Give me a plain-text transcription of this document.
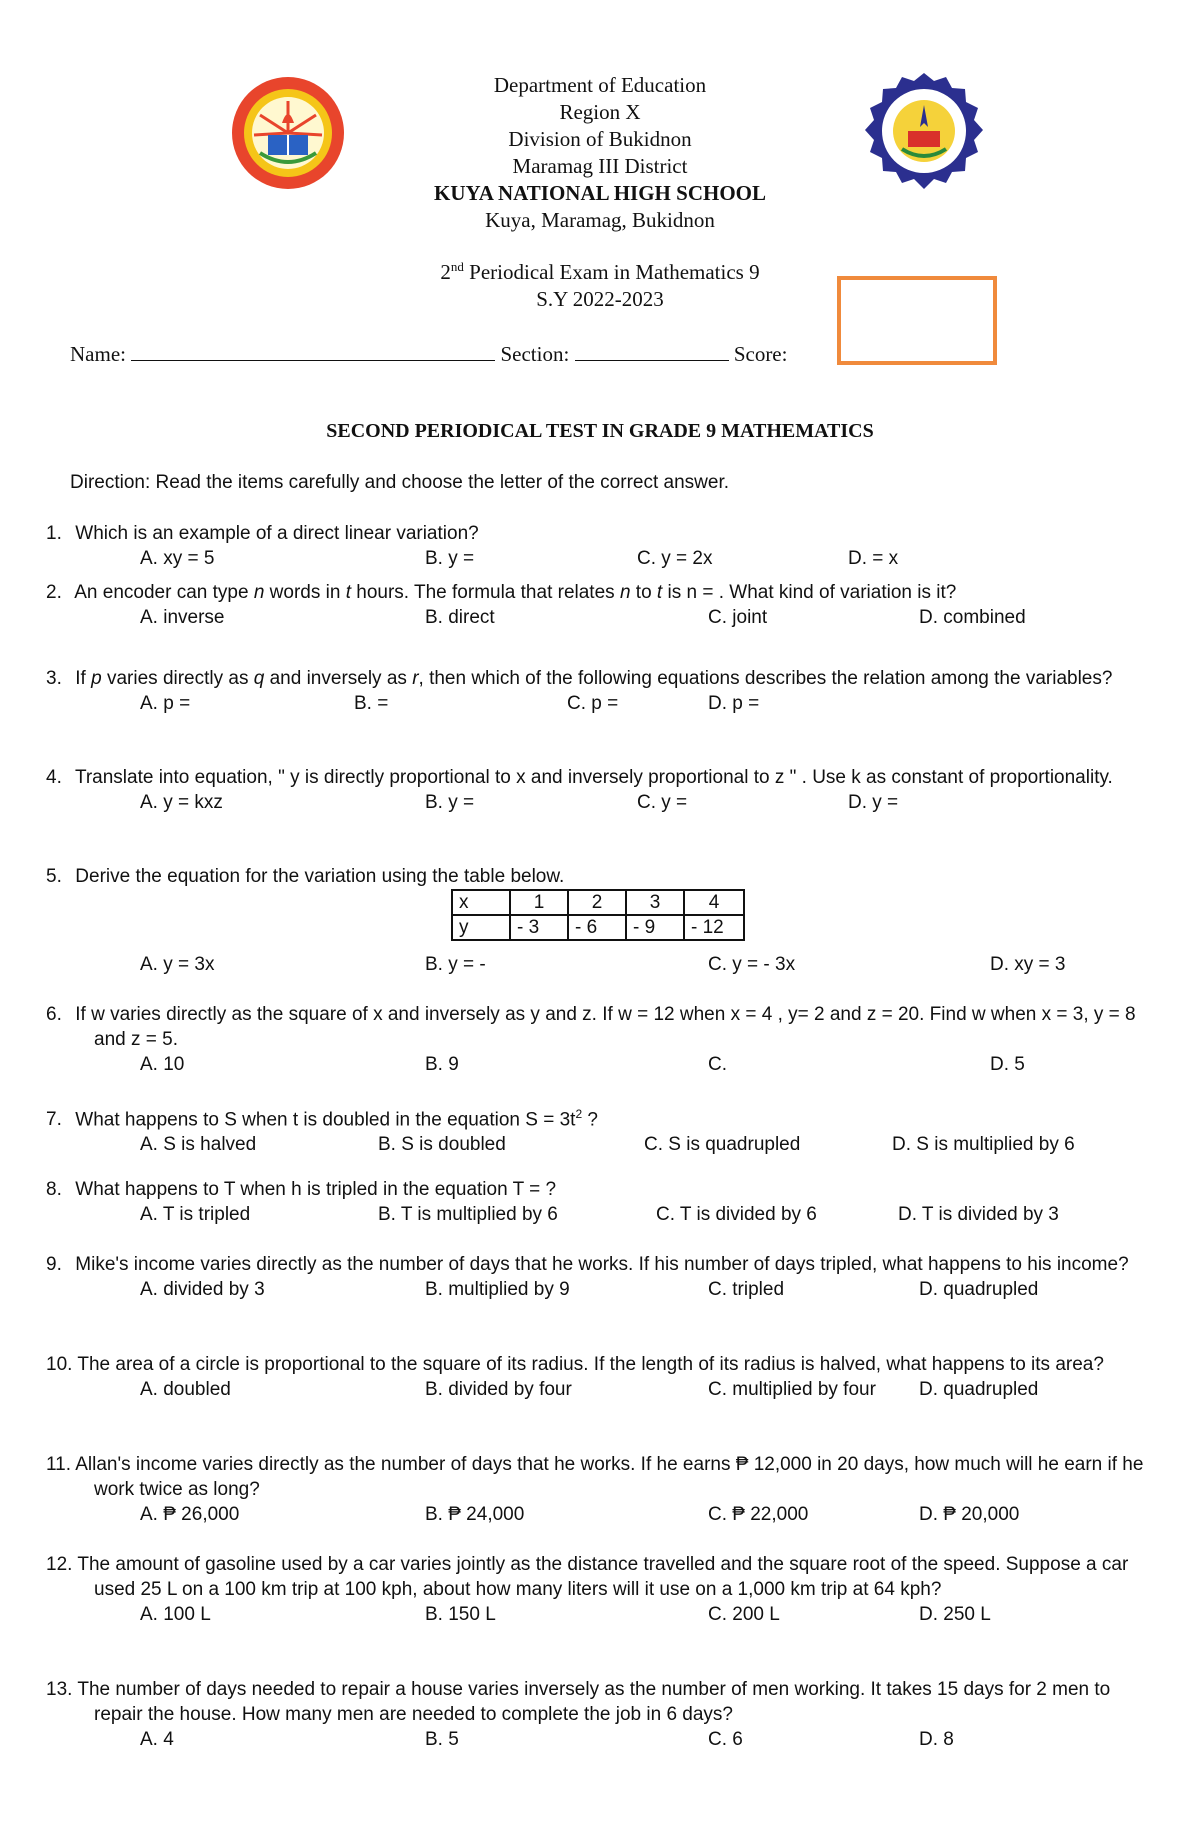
Department of Education
Region X
Division of Bukidnon
Maramag III District
KUYA NATIONAL HIGH SCHOOL
Kuya, Maramag, Bukidnon
2nd Periodical Exam in Mathematics 9
S.Y 2022-2023
Name:	Section:	Score:
SECOND PERIODICAL TEST IN GRADE 9 MATHEMATICS
Direction: Read the items carefully and choose the letter of the correct answer.
1. Which is an example of a direct linear variation?
A. xy = 5	B. y =	C. y = 2x	D. = x
2. An encoder can type n words in t hours. The formula that relates n to t is n = . What kind of variation is it?
A. inverse	B. direct	C. joint	D. combined
3. If p varies directly as q and inversely as r, then which of the following equations describes the relation among the variables?
A. p =	B. =	C. p =	D. p =
4. Translate into equation, " y is directly proportional to x and inversely proportional to z " . Use k as constant of proportionality.
A. y = kxz	B. y =	C. y =	D. y =
5. Derive the equation for the variation using the table below.
x	1	2	3	4
y	- 3	- 6	- 9	- 12
A. y = 3x	B. y = -	C. y = - 3x	D. xy = 3
6. If w varies directly as the square of x and inversely as y and z. If w = 12 when x = 4 , y= 2 and z = 20. Find w when x = 3, y = 8 and z = 5.
A. 10	B. 9	C.	D. 5
7. What happens to S when t is doubled in the equation $S = 3t^2$ ?
A. S is halved	B. S is doubled	C. S is quadrupled	D. S is multiplied by 6
8. What happens to T when h is tripled in the equation T = ?
A. T is tripled	B. T is multiplied by 6	C. T is divided by 6	D. T is divided by 3
9. Mike's income varies directly as the number of days that he works. If his number of days tripled, what happens to his income?
A. divided by 3	B. multiplied by 9	C. tripled	D. quadrupled
10. The area of a circle is proportional to the square of its radius. If the length of its radius is halved, what happens to its area?
A. doubled	B. divided by four	C. multiplied by four D. quadrupled
11. Allan's income varies directly as the number of days that he works. If he earns ₱ 12,000 in 20 days, how much will he earn if he work twice as long?
A. ₱ 26,000	B. ₱ 24,000	C. ₱ 22,000	D. ₱ 20,000
12. The amount of gasoline used by a car varies jointly as the distance travelled and the square root of the speed. Suppose a car used 25 L on a 100 km trip at 100 kph, about how many liters will it use on a 1,000 km trip at 64 kph?
A. 100 L	B. 150 L	C. 200 L	D. 250 L
13. The number of days needed to repair a house varies inversely as the number of men working. It takes 15 days for 2 men to repair the house. How many men are needed to complete the job in 6 days?
A. 4	B. 5	C. 6	D. 8
